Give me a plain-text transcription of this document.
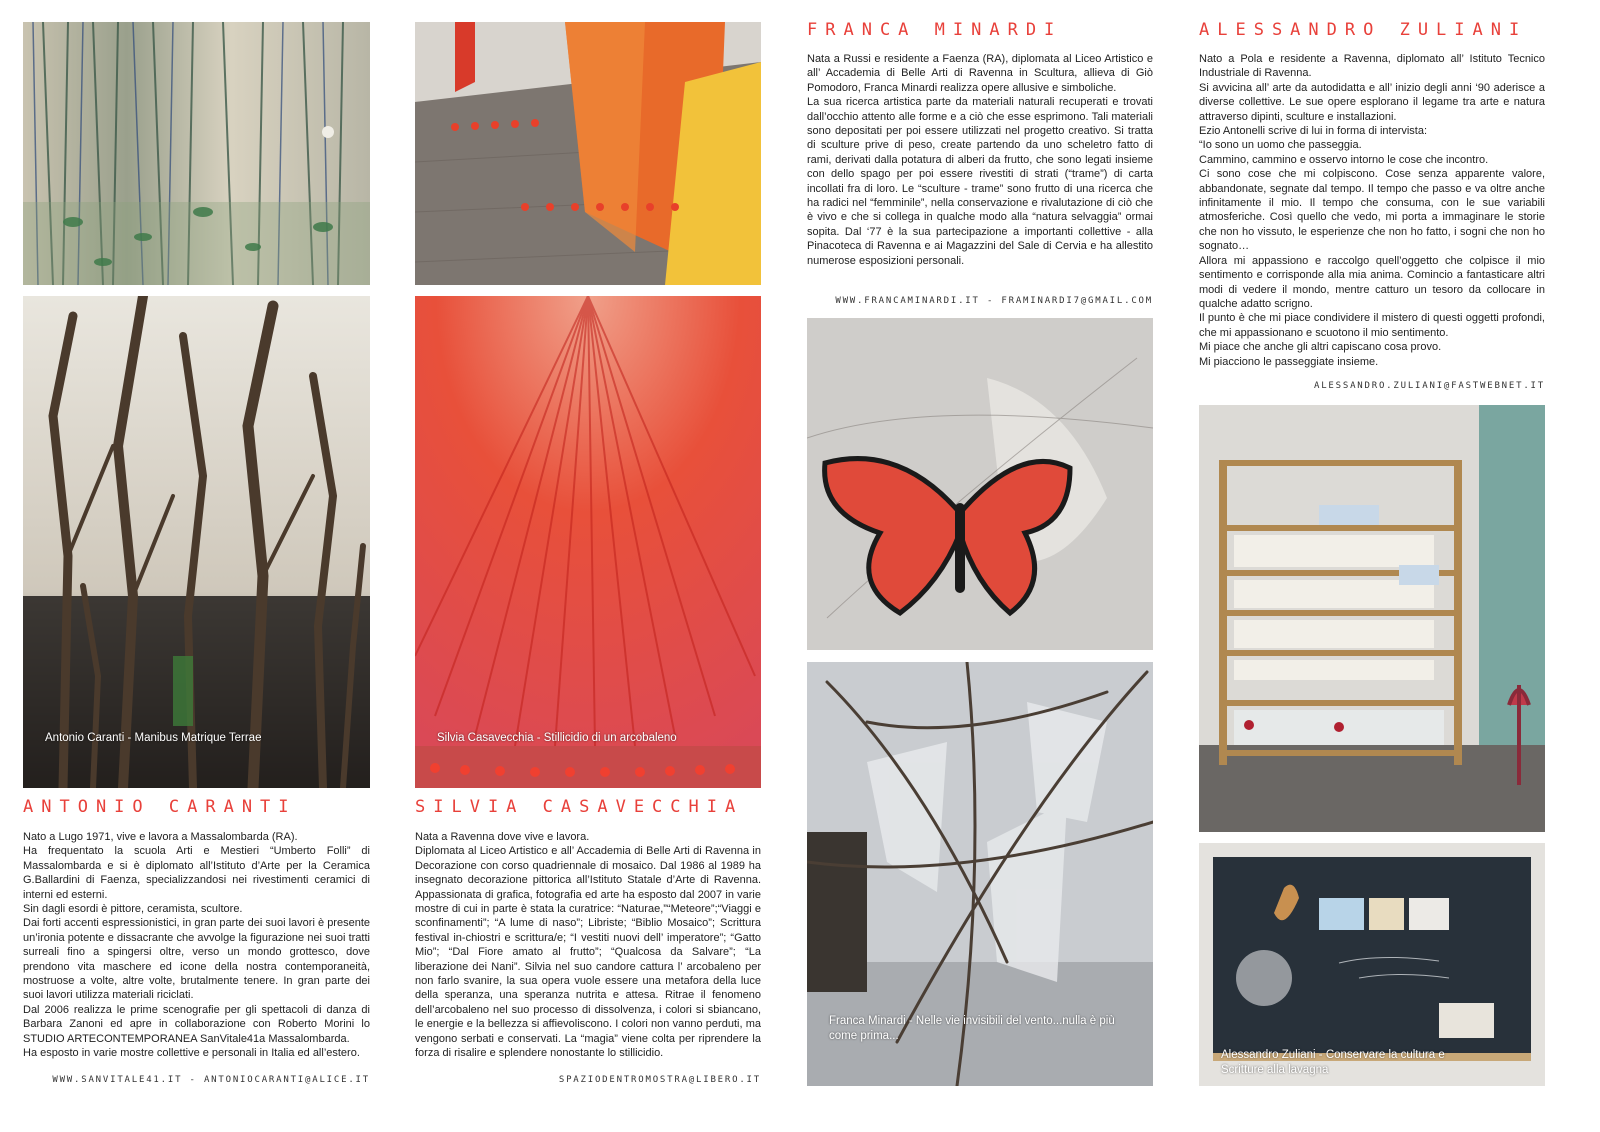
Antonio Caranti - Manibus Matrique Terrae
ANTONIO CARANTI

Nato a Lugo 1971, vive e lavora a Massalombarda (RA).

Ha frequentato la scuola Arti e Mestieri “Umberto Folli” di Massalombarda e si è diplomato all’Istituto d’Arte per la Ceramica G.Ballardini di Faenza, specializzandosi nei rivestimenti ceramici di interni ed esterni.

Sin dagli esordi è pittore, ceramista, scultore.

Dai forti accenti espressionistici, in gran parte dei suoi lavori è presente un’ironia potente e dissacrante che avvolge la figurazione nei suoi tratti surreali fino a spingersi oltre, verso un mondo grottesco, dove prendono vita maschere ed icone della nostra contemporaneità, mostruose a volte, altre volte, brutalmente tenere. In gran parte dei suoi lavori utilizza materiali riciclati.

Dal 2006 realizza le prime scenografie per gli spettacoli di danza di Barbara Zanoni ed apre in collaborazione con Roberto Morini lo STUDIO ARTECONTEMPORANEA SanVitale41a Massalombarda.

Ha esposto in varie mostre collettive e personali in Italia ed all’estero.

WWW.SANVITALE41.IT - ANTONIOCARANTI@ALICE.IT
Silvia Casavecchia - Stillicidio di un arcobaleno
SILVIA CASAVECCHIA

Nata a Ravenna dove vive e lavora.

Diplomata al Liceo Artistico e all’ Accademia di Belle Arti di Ravenna in Decorazione con corso quadriennale di mosaico. Dal 1986 al 1989 ha insegnato decorazione pittorica all’Istituto Statale d’Arte di Ravenna. Appassionata di grafica, fotografia ed arte ha esposto dal 2007 in varie mostre di cui in parte è stata la curatrice: “Naturae,”“Meteore”;“Viaggi e sconfinamenti”; “A lume di naso”; Libriste; “Biblio Mosaico”; Scrittura festival in-chiostri e scrittura/e; “I vestiti nuovi dell’ imperatore”; “Gatto Mio”; “Dal Fiore amato al frutto”; “Qualcosa da Salvare”; “La liberazione dei Nani”. Silvia nel suo candore cattura l’ arcobaleno per non farlo svanire, la sua opera vuole essere una metafora della luce della speranza, una speranza nutrita e attesa. Ritrae il fenomeno dell’arcobaleno nel suo processo di dissolvenza, i colori si sbiancano, le energie e la bellezza si affievoliscono. I colori non vanno perduti, ma vengono serbati e conservati. La “magia” viene colta per riprendere la forza di risalire e splendere nonostante lo stillicidio.

SPAZIODENTROMOSTRA@LIBERO.IT
FRANCA MINARDI

Nata a Russi e residente a Faenza (RA), diplomata al Liceo Artistico e all’ Accademia di Belle Arti di Ravenna in Scultura, allieva di Giò Pomodoro, Franca Minardi realizza opere allusive e simboliche.

La sua ricerca artistica parte da materiali naturali recuperati e trovati dall’occhio attento alle forme e a ciò che esse esprimono. Tali materiali sono depositati per poi essere utilizzati nel progetto creativo. Si tratta di sculture prive di peso, create partendo da uno scheletro fatto di rami, derivati dalla potatura di alberi da frutto, che sono legati insieme con dello spago per poi essere rivestiti di strati (“trame”) di carta incollati fra di loro. Le “sculture - trame” sono frutto di una ricerca che ha radici nel “femminile”, nella conservazione e rivalutazione di ciò che è vivo e che si collega in qualche modo alla “natura selvaggia” ormai sopita. Dal ‘77 è la sua partecipazione a importanti collettive - alla Pinacoteca di Ravenna e ai Magazzini del Sale di Cervia e ha allestito numerose esposizioni personali.

WWW.FRANCAMINARDI.IT - FRAMINARDI7@GMAIL.COM
Franca Minardi - Nelle vie invisibili del vento...nulla è più come prima...
ALESSANDRO ZULIANI

Nato a Pola e residente a Ravenna, diplomato all’ Istituto Tecnico Industriale di Ravenna.

Si avvicina all’ arte da autodidatta e all’ inizio degli anni ‘90 aderisce a diverse collettive. Le sue opere esplorano il legame tra arte e natura attraverso dipinti, sculture e installazioni.

Ezio Antonelli scrive di lui in forma di intervista:

“Io sono un uomo che passeggia.

Cammino, cammino e osservo intorno le cose che incontro.

Ci sono cose che mi colpiscono. Cose senza apparente valore, abbandonate, segnate dal tempo. Il tempo che passo e va oltre anche infinitamente il mio. Il tempo che consuma, con le sue variabili atmosferiche. Così quello che vedo, mi porta a immaginare le storie che non ho vissuto, le esperienze che non ho fatto, i sogni che non ho sognato…

Allora mi appassiono e raccolgo quell’oggetto che colpisce il mio sentimento e corrisponde alla mia anima. Comincio a fantasticare altri modi di vedere il mondo, mentre catturo un tesoro da collocare in qualche adatto scrigno.

Il punto è che mi piace condividere il mistero di questi oggetti profondi, che mi appassionano e scuotono il mio sentimento.

Mi piace che anche gli altri capiscano cosa provo.

Mi piacciono le passeggiate insieme.

ALESSANDRO.ZULIANI@FASTWEBNET.IT
Alessandro Zuliani - Conservare la cultura e Scritture alla lavagna
